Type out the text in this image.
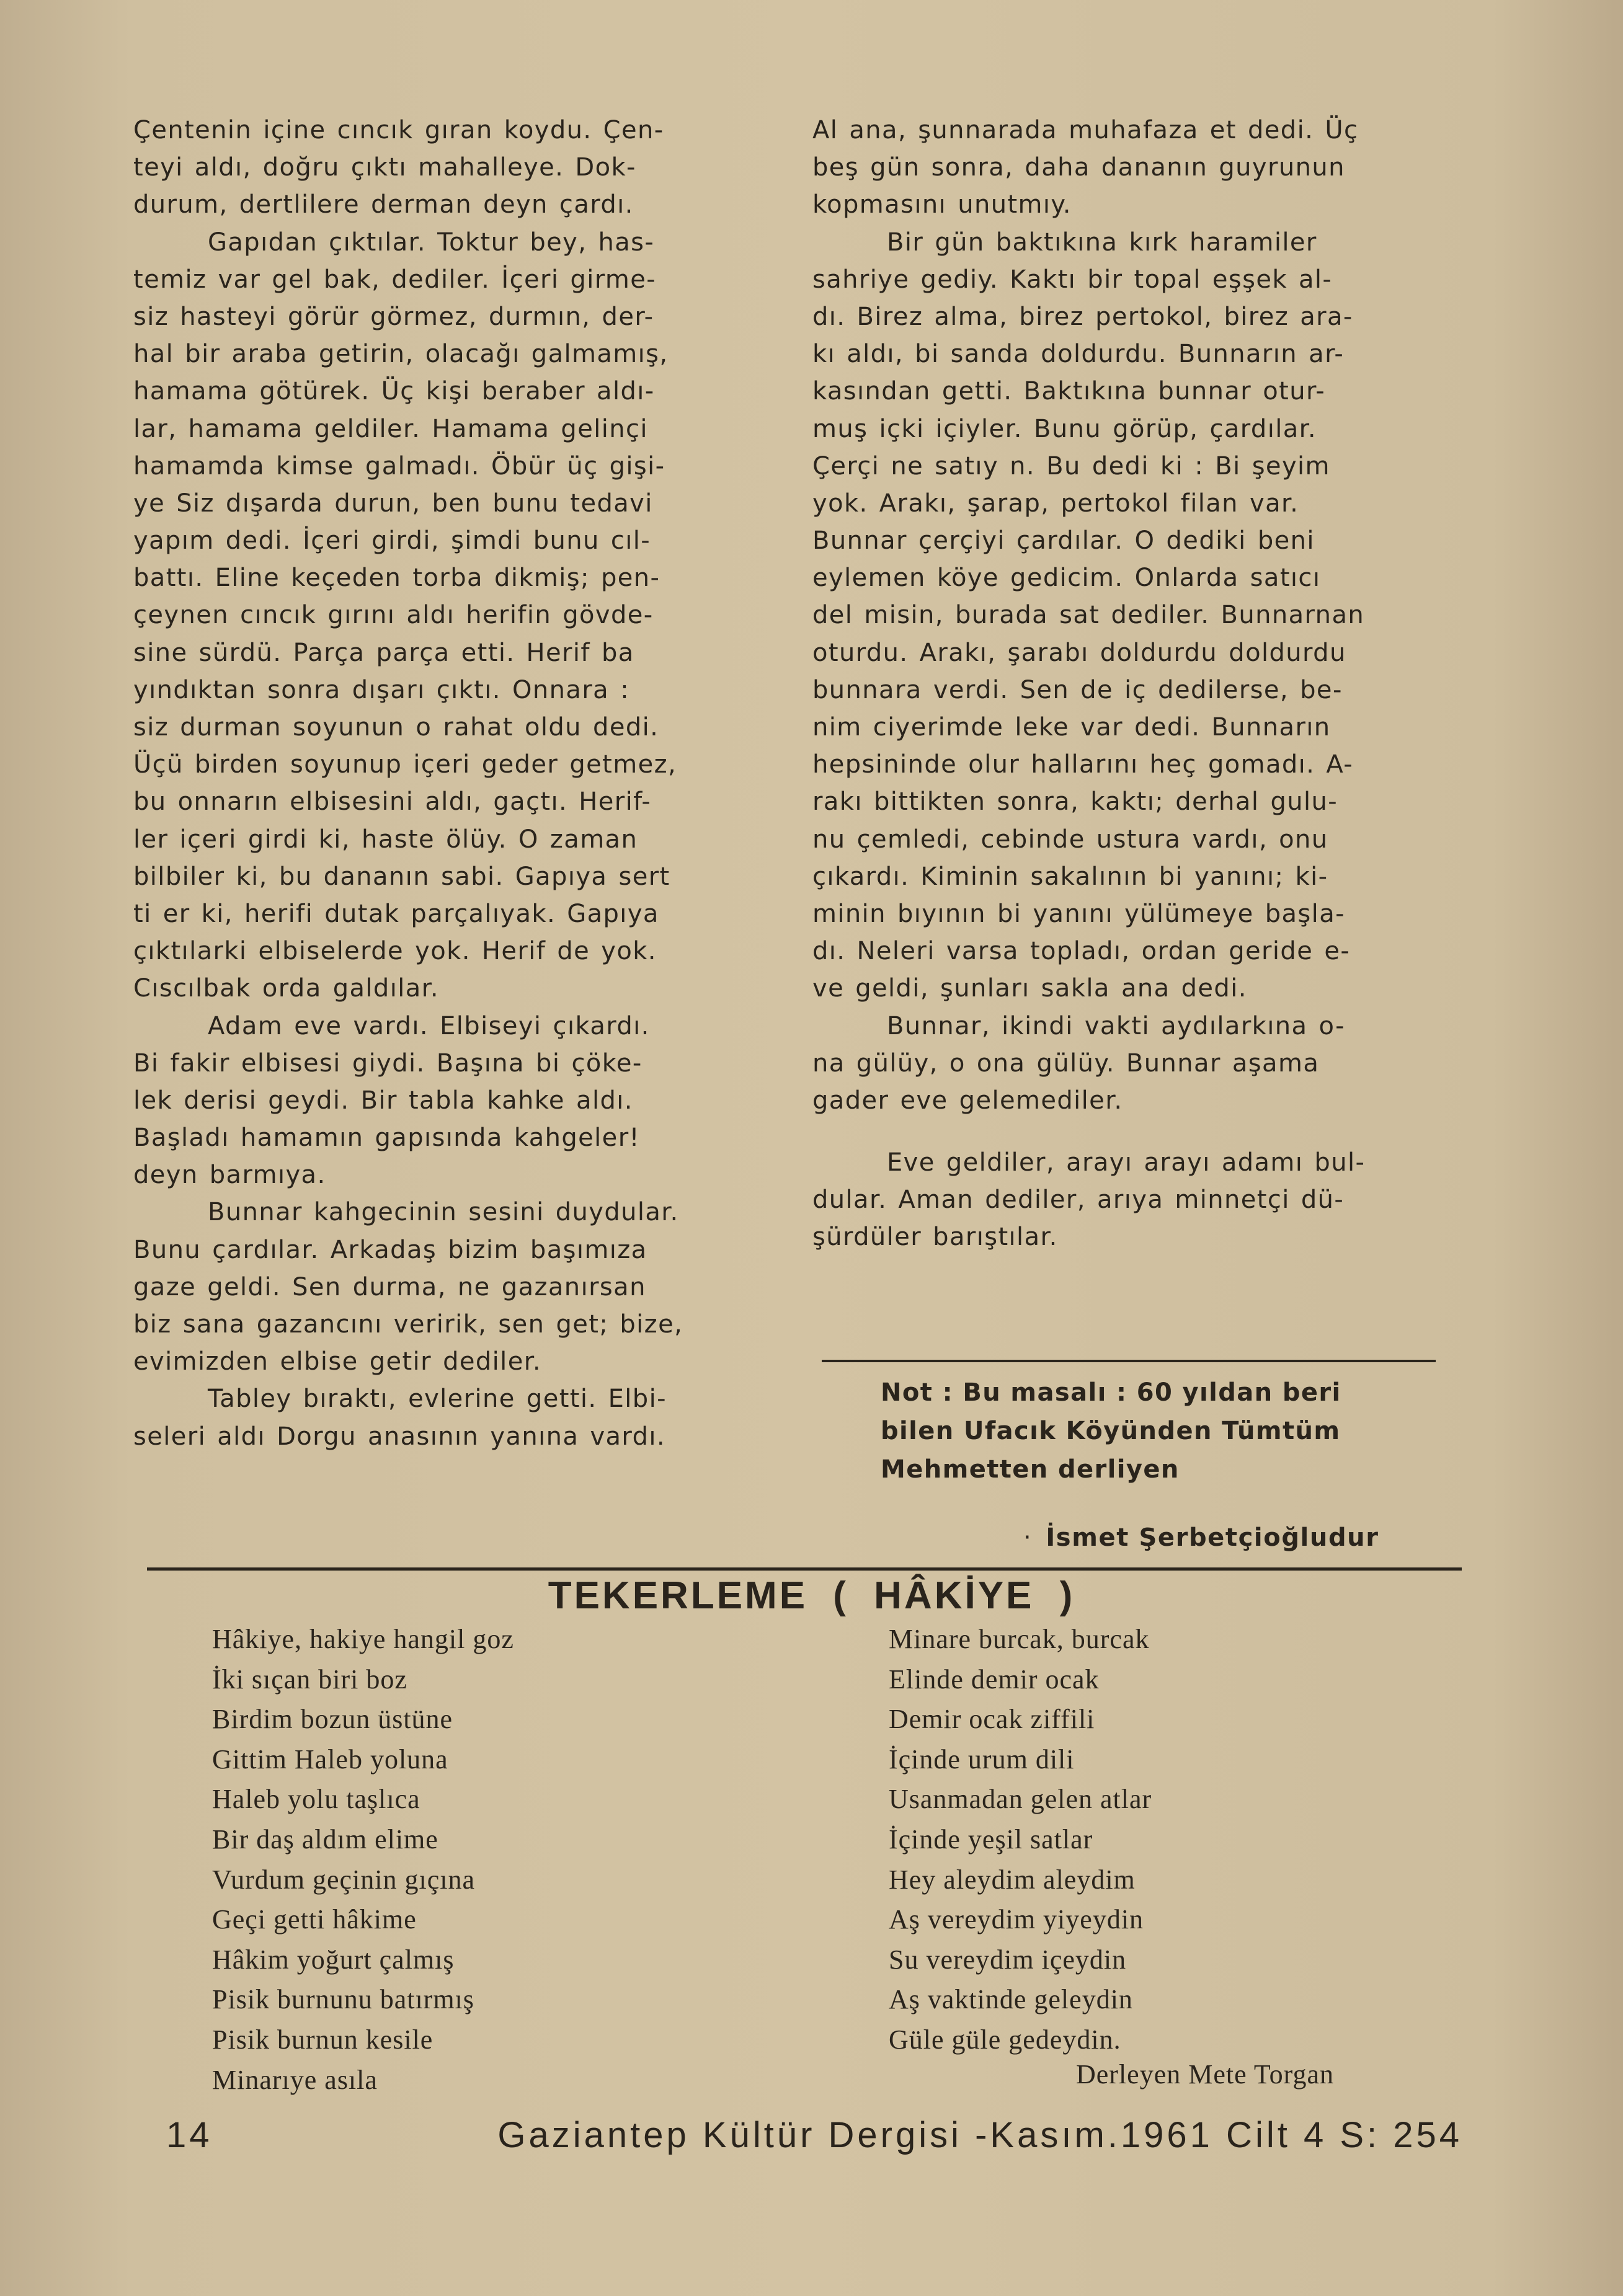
Çentenin içine cıncık gıran koydu. Çen-
teyi aldı, doğru çıktı mahalleye. Dok-
durum, dertlilere derman deyn çardı.
Gapıdan çıktılar. Toktur bey, has-
temiz var gel bak, dediler. İçeri girme-
siz hasteyi görür görmez, durmın, der-
hal bir araba getirin, olacağı galmamış,
hamama götürek. Üç kişi beraber aldı-
lar, hamama geldiler. Hamama gelinçi
hamamda kimse galmadı. Öbür üç gişi-
ye Siz dışarda durun, ben bunu tedavi
yapım dedi. İçeri girdi, şimdi bunu cıl-
battı. Eline keçeden torba dikmiş; pen-
çeynen cıncık gırını aldı herifin gövde-
sine sürdü. Parça parça etti. Herif ba
yındıktan sonra dışarı çıktı. Onnara :
siz durman soyunun o rahat oldu dedi.
Üçü birden soyunup içeri geder getmez,
bu onnarın elbisesini aldı, gaçtı. Herif-
ler içeri girdi ki, haste ölüy. O zaman
bilbiler ki, bu dananın sabi. Gapıya sert
ti er ki, herifi dutak parçalıyak. Gapıya
çıktılarki elbiselerde yok. Herif de yok.
Cıscılbak orda galdılar.
Adam eve vardı. Elbiseyi çıkardı.
Bi fakir elbisesi giydi. Başına bi çöke-
lek derisi geydi. Bir tabla kahke aldı.
Başladı hamamın gapısında kahgeler!
deyn barmıya.
Bunnar kahgecinin sesini duydular.
Bunu çardılar. Arkadaş bizim başımıza
gaze geldi. Sen durma, ne gazanırsan
biz sana gazancını veririk, sen get; bize,
evimizden elbise getir dediler.
Tabley bıraktı, evlerine getti. Elbi-
seleri aldı Dorgu anasının yanına vardı.
Al ana, şunnarada muhafaza et dedi. Üç
beş gün sonra, daha dananın guyrunun
kopmasını unutmıy.
Bir gün baktıkına kırk haramiler
sahriye gediy. Kaktı bir topal eşşek al-
dı. Birez alma, birez pertokol, birez ara-
kı aldı, bi sanda doldurdu. Bunnarın ar-
kasından getti. Baktıkına bunnar otur-
muş içki içiyler. Bunu görüp, çardılar.
Çerçi ne satıy n. Bu dedi ki : Bi şeyim
yok. Arakı, şarap, pertokol filan var.
Bunnar çerçiyi çardılar. O dediki beni
eylemen köye gedicim. Onlarda satıcı
del misin, burada sat dediler. Bunnarnan
oturdu. Arakı, şarabı doldurdu doldurdu
bunnara verdi. Sen de iç dedilerse, be-
nim ciyerimde leke var dedi. Bunnarın
hepsininde olur hallarını heç gomadı. A-
rakı bittikten sonra, kaktı; derhal gulu-
nu çemledi, cebinde ustura vardı, onu
çıkardı. Kiminin sakalının bi yanını; ki-
minin bıyının bi yanını yülümeye başla-
dı. Neleri varsa topladı, ordan geride e-
ve geldi, şunları sakla ana dedi.
Bunnar, ikindi vakti aydılarkına o-
na gülüy, o ona gülüy. Bunnar aşama
gader eve gelemediler.
Eve geldiler, arayı arayı adamı bul-
dular. Aman dediler, arıya minnetçi dü-
şürdüler barıştılar.
Not : Bu masalı : 60 yıldan beri
bilen Ufacık Köyünden Tümtüm
Mehmetten derliyen
· İsmet Şerbetçioğludur
TEKERLEME ( HÂKİYE )
Hâkiye, hakiye hangil goz
İki sıçan biri boz
Birdim bozun üstüne
Gittim Haleb yoluna
Haleb yolu taşlıca
Bir daş aldım elime
Vurdum geçinin gıçına
Geçi getti hâkime
Hâkim yoğurt çalmış
Pisik burnunu batırmış
Pisik burnun kesile
Minarıye asıla
Minare burcak, burcak
Elinde demir ocak
Demir ocak ziffili
İçinde urum dili
Usanmadan gelen atlar
İçinde yeşil satlar
Hey aleydim aleydim
Aş vereydim yiyeydin
Su vereydim içeydin
Aş vaktinde geleydin
Güle güle gedeydin.
Derleyen Mete Torgan
14	Gaziantep Kültür Dergisi -Kasım.1961 Cilt 4 S: 254
